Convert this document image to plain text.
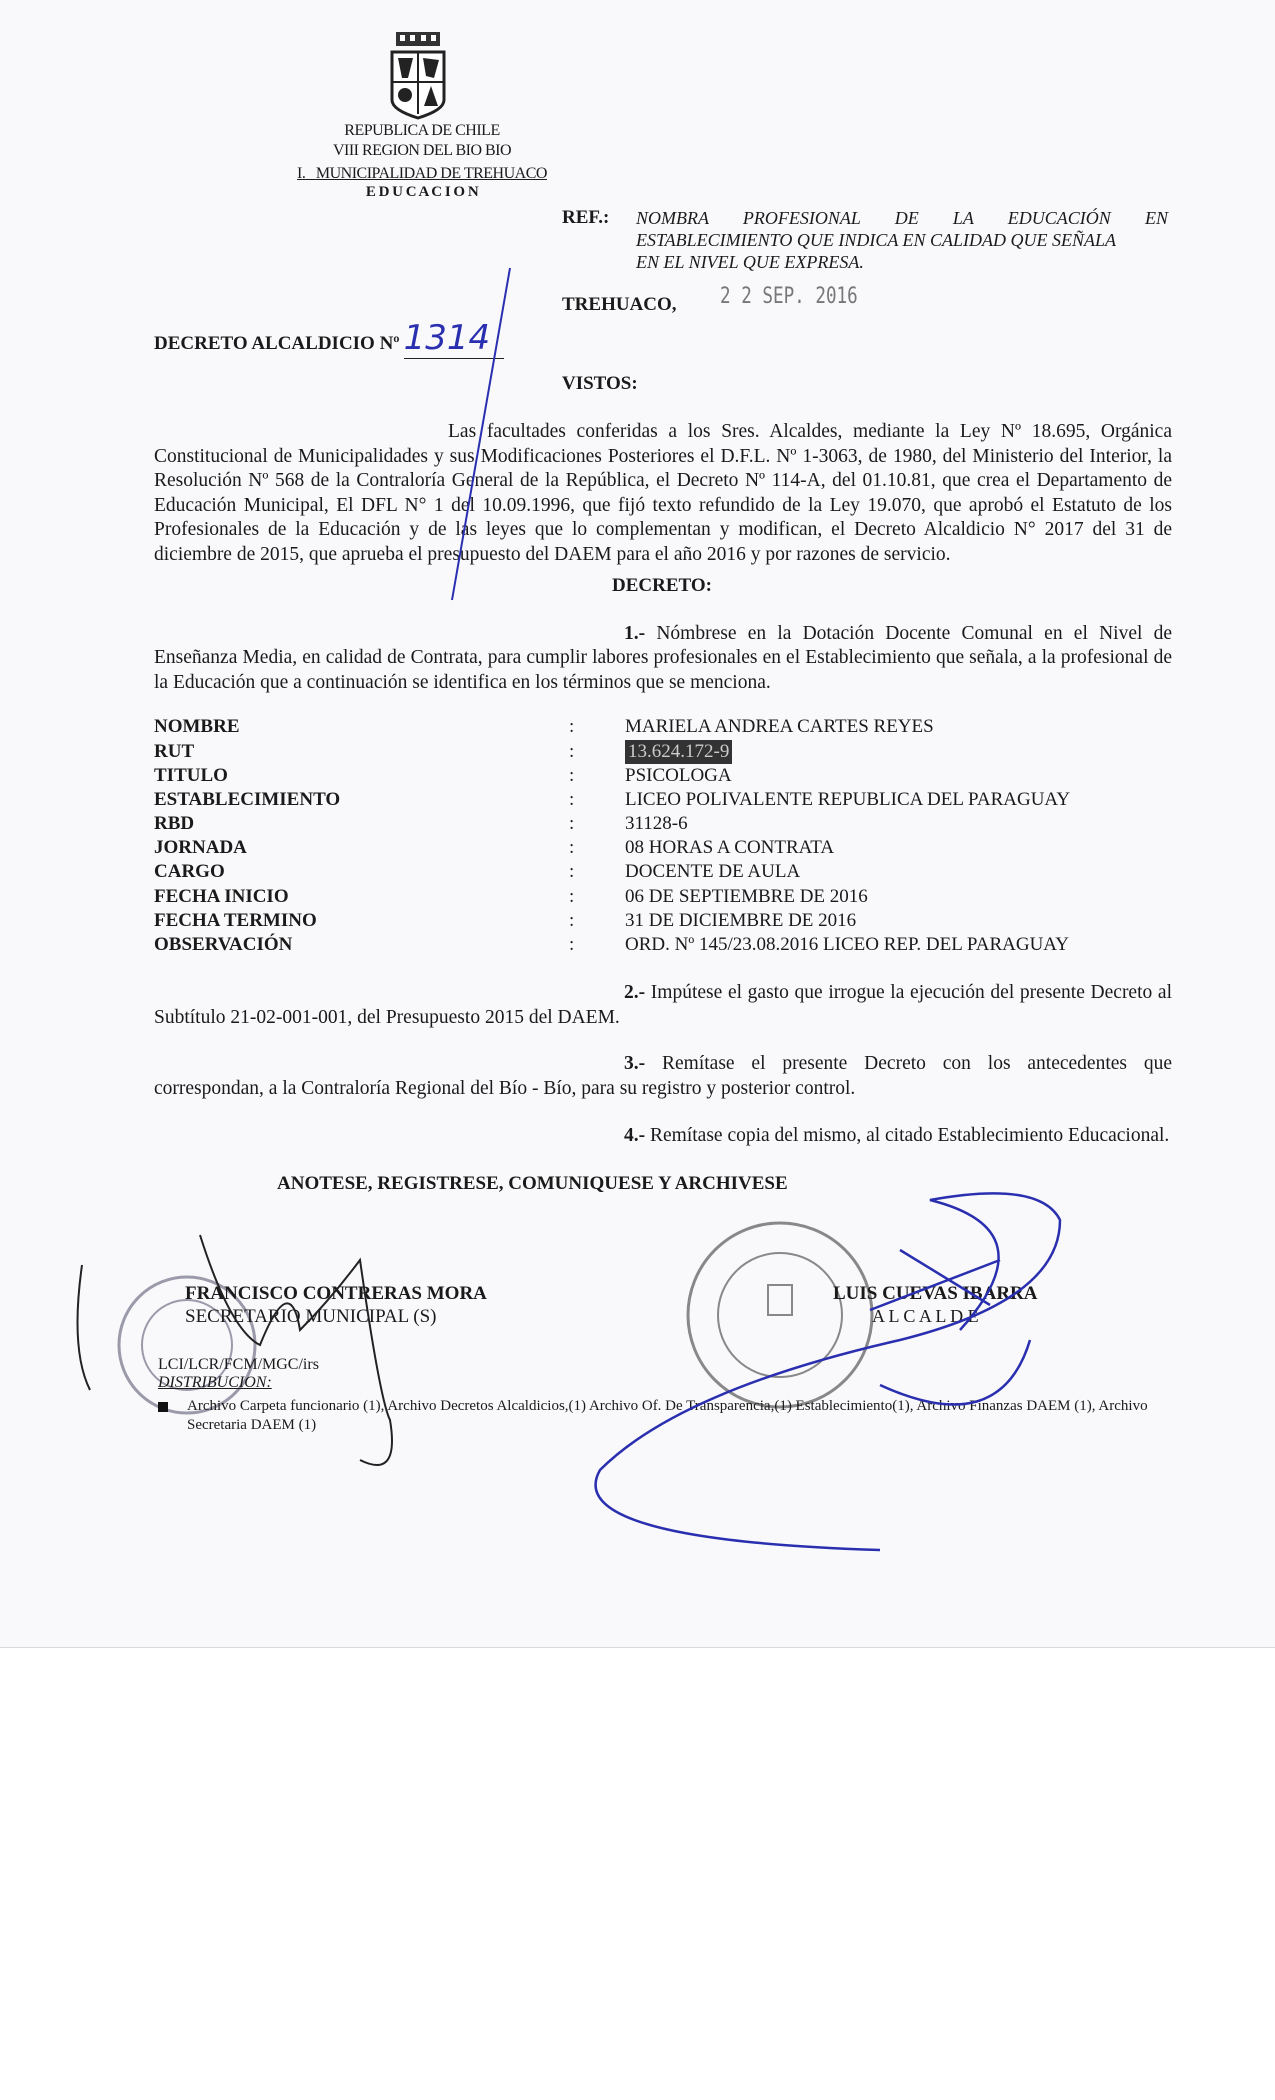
REPUBLICA DE CHILE
VIII REGION DEL BIO BIO
I. MUNICIPALIDAD DE TREHUACO
E D U C A C I O N
REF.: NOMBRA PROFESIONAL DE LA EDUCACIÓN EN
ESTABLECIMIENTO QUE INDICA EN CALIDAD QUE SEÑALA
EN EL NIVEL QUE EXPRESA.
TREHUACO, 2 2 SEP. 2016
DECRETO ALCALDICIO Nº 1314
VISTOS:
Las facultades conferidas a los Sres. Alcaldes, mediante la Ley Nº 18.695, Orgánica Constitucional de Municipalidades y sus Modificaciones Posteriores el D.F.L. Nº 1-3063, de 1980, del Ministerio del Interior, la Resolución Nº 568 de la Contraloría General de la República, el Decreto Nº 114-A, del 01.10.81, que crea el Departamento de Educación Municipal, El DFL N° 1 del 10.09.1996, que fijó texto refundido de la Ley 19.070, que aprobó el Estatuto de los Profesionales de la Educación y de las leyes que lo complementan y modifican, el Decreto Alcaldicio N° 2017 del 31 de diciembre de 2015, que aprueba el presupuesto del DAEM para el año 2016 y por razones de servicio.
DECRETO:
1.- Nómbrese en la Dotación Docente Comunal en el Nivel de Enseñanza Media, en calidad de Contrata, para cumplir labores profesionales en el Establecimiento que señala, a la profesional de la Educación que a continuación se identifica en los términos que se menciona.
NOMBRE	:	MARIELA ANDREA CARTES REYES
RUT	:	13.624.172-9
TITULO	:	PSICOLOGA
ESTABLECIMIENTO	:	LICEO POLIVALENTE REPUBLICA DEL PARAGUAY
RBD	:	31128-6
JORNADA	:	08 HORAS A CONTRATA
CARGO	:	DOCENTE DE AULA
FECHA INICIO	:	06 DE SEPTIEMBRE DE 2016
FECHA TERMINO	:	31 DE DICIEMBRE DE 2016
OBSERVACIÓN	:	ORD. Nº 145/23.08.2016 LICEO REP. DEL PARAGUAY
2.- Impútese el gasto que irrogue la ejecución del presente Decreto al Subtítulo 21-02-001-001, del Presupuesto 2015 del DAEM.
3.- Remítase el presente Decreto con los antecedentes que correspondan, a la Contraloría Regional del Bío - Bío, para su registro y posterior control.
4.- Remítase copia del mismo, al citado Establecimiento Educacional.
ANOTESE, REGISTRESE, COMUNIQUESE Y ARCHIVESE
FRANCISCO CONTRERAS MORA
SECRETARIO MUNICIPAL (S)
LUIS CUEVAS IBARRA
A L C A L D E
LCI/LCR/FCM/MGC/irs
DISTRIBUCION:
Archivo Carpeta funcionario (1), Archivo Decretos Alcaldicios,(1) Archivo Of. De Transparencia,(1) Establecimiento(1), Archivo Finanzas DAEM (1), Archivo Secretaria DAEM (1)
